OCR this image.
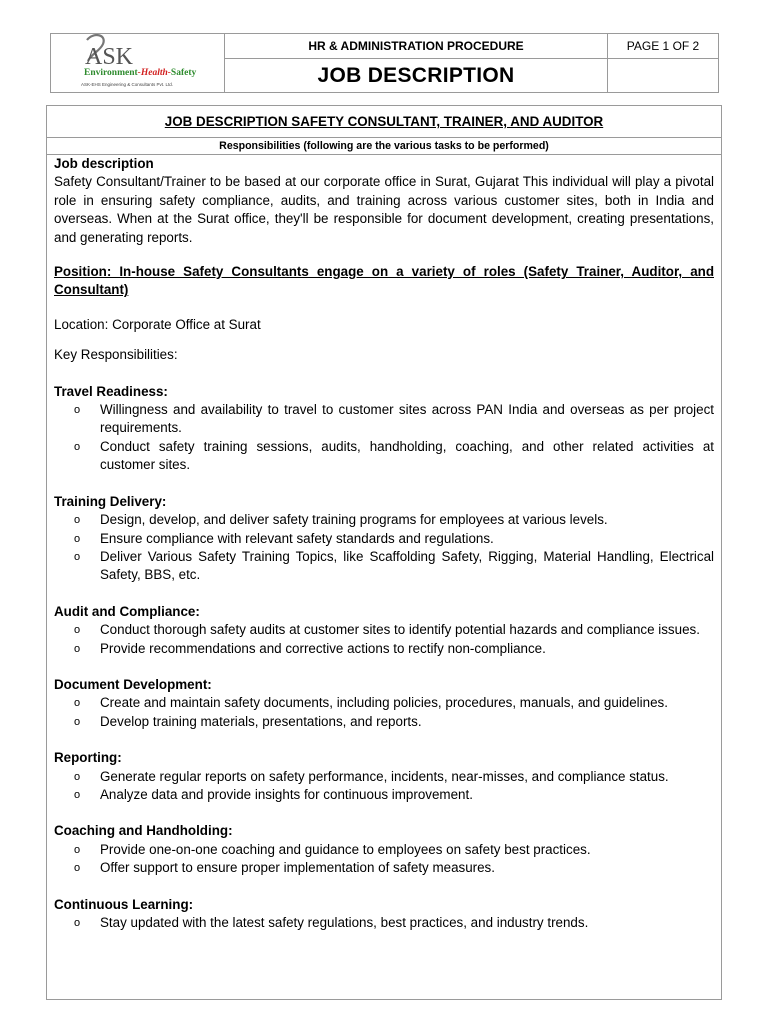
ASK
Environment-Health-Safety
ASK-EHS Engineering & Consultants Pvt. Ltd.
HR & ADMINISTRATION PROCEDURE
JOB DESCRIPTION
PAGE 1 OF 2
JOB DESCRIPTION SAFETY CONSULTANT, TRAINER, AND AUDITOR
Responsibilities (following are the various tasks to be performed)

Job description

Safety Consultant/Trainer to be based at our corporate office in Surat, Gujarat This individual will play a pivotal role in ensuring safety compliance, audits, and training across various customer sites, both in India and overseas. When at the Surat office, they'll be responsible for document development, creating presentations, and generating reports.

Position: In-house Safety Consultants engage on a variety of roles (Safety Trainer, Auditor, and Consultant)

Location: Corporate Office at Surat

Key Responsibilities:

Travel Readiness:

o Willingness and availability to travel to customer sites across PAN India and overseas as per project requirements.
o Conduct safety training sessions, audits, handholding, coaching, and other related activities at customer sites.

Training Delivery:

o Design, develop, and deliver safety training programs for employees at various levels.
o Ensure compliance with relevant safety standards and regulations.
o Deliver Various Safety Training Topics, like Scaffolding Safety, Rigging, Material Handling, Electrical Safety, BBS, etc.

Audit and Compliance:

o Conduct thorough safety audits at customer sites to identify potential hazards and compliance issues.
o Provide recommendations and corrective actions to rectify non-compliance.

Document Development:

o Create and maintain safety documents, including policies, procedures, manuals, and guidelines.
o Develop training materials, presentations, and reports.

Reporting:

o Generate regular reports on safety performance, incidents, near-misses, and compliance status.
o Analyze data and provide insights for continuous improvement.

Coaching and Handholding:

o Provide one-on-one coaching and guidance to employees on safety best practices.
o Offer support to ensure proper implementation of safety measures.

Continuous Learning:

o Stay updated with the latest safety regulations, best practices, and industry trends.
